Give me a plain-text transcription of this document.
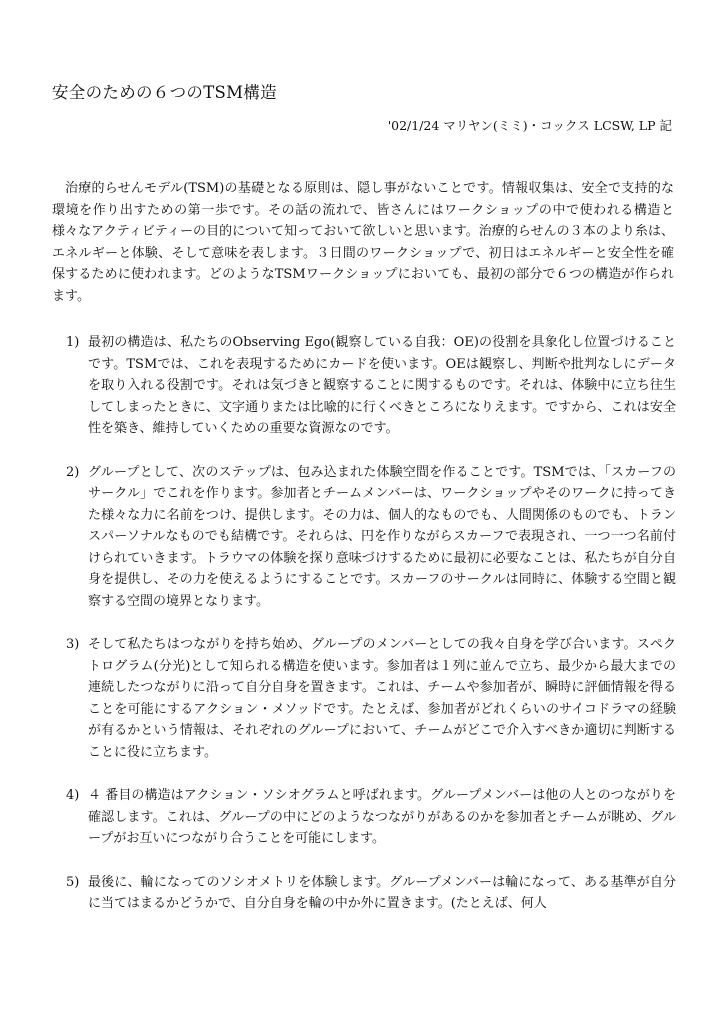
安全のための６つのTSM構造
'02/1/24 マリヤン(ミミ)・コックス LCSW, LP 記

治療的らせんモデル(TSM)の基礎となる原則は、隠し事がないことです。情報収集は、安全で支持的な環境を作り出すための第一歩です。その話の流れで、皆さんにはワークショップの中で使われる構造と様々なアクティビティーの目的について知っておいて欲しいと思います。治療的らせんの３本のより糸は、エネルギーと体験、そして意味を表します。３日間のワークショップで、初日はエネルギーと安全性を確保するために使われます。どのようなTSMワークショップにおいても、最初の部分で６つの構造が作られます。

1) 最初の構造は、私たちのObserving Ego(観察している自我：OE)の役割を具象化し位置づけることです。TSMでは、これを表現するためにカードを使います。OEは観察し、判断や批判なしにデータを取り入れる役割です。それは気づきと観察することに関するものです。それは、体験中に立ち往生してしまったときに、文字通りまたは比喩的に行くべきところになりえます。ですから、これは安全性を築き、維持していくための重要な資源なのです。
2) グループとして、次のステップは、包み込まれた体験空間を作ることです。TSMでは、「スカーフのサークル」でこれを作ります。参加者とチームメンバーは、ワークショップやそのワークに持ってきた様々な力に名前をつけ、提供します。その力は、個人的なものでも、人間関係のものでも、トランスパーソナルなものでも結構です。それらは、円を作りながらスカーフで表現され、一つ一つ名前付けられていきます。トラウマの体験を探り意味づけするために最初に必要なことは、私たちが自分自身を提供し、その力を使えるようにすることです。スカーフのサークルは同時に、体験する空間と観察する空間の境界となります。
3) そして私たちはつながりを持ち始め、グループのメンバーとしての我々自身を学び合います。スペクトログラム(分光)として知られる構造を使います。参加者は１列に並んで立ち、最少から最大までの連続したつながりに沿って自分自身を置きます。これは、チームや参加者が、瞬時に評価情報を得ることを可能にするアクション・メソッドです。たとえば、参加者がどれくらいのサイコドラマの経験が有るかという情報は、それぞれのグループにおいて、チームがどこで介入すべきか適切に判断することに役に立ちます。
4) ４ 番目の構造はアクション・ソシオグラムと呼ばれます。グループメンバーは他の人とのつながりを確認します。これは、グループの中にどのようなつながりがあるのかを参加者とチームが眺め、グループがお互いにつながり合うことを可能にします。
5) 最後に、輪になってのソシオメトリを体験します。グループメンバーは輪になって、ある基準が自分に当てはまるかどうかで、自分自身を輪の中か外に置きます。(たとえば、何人
